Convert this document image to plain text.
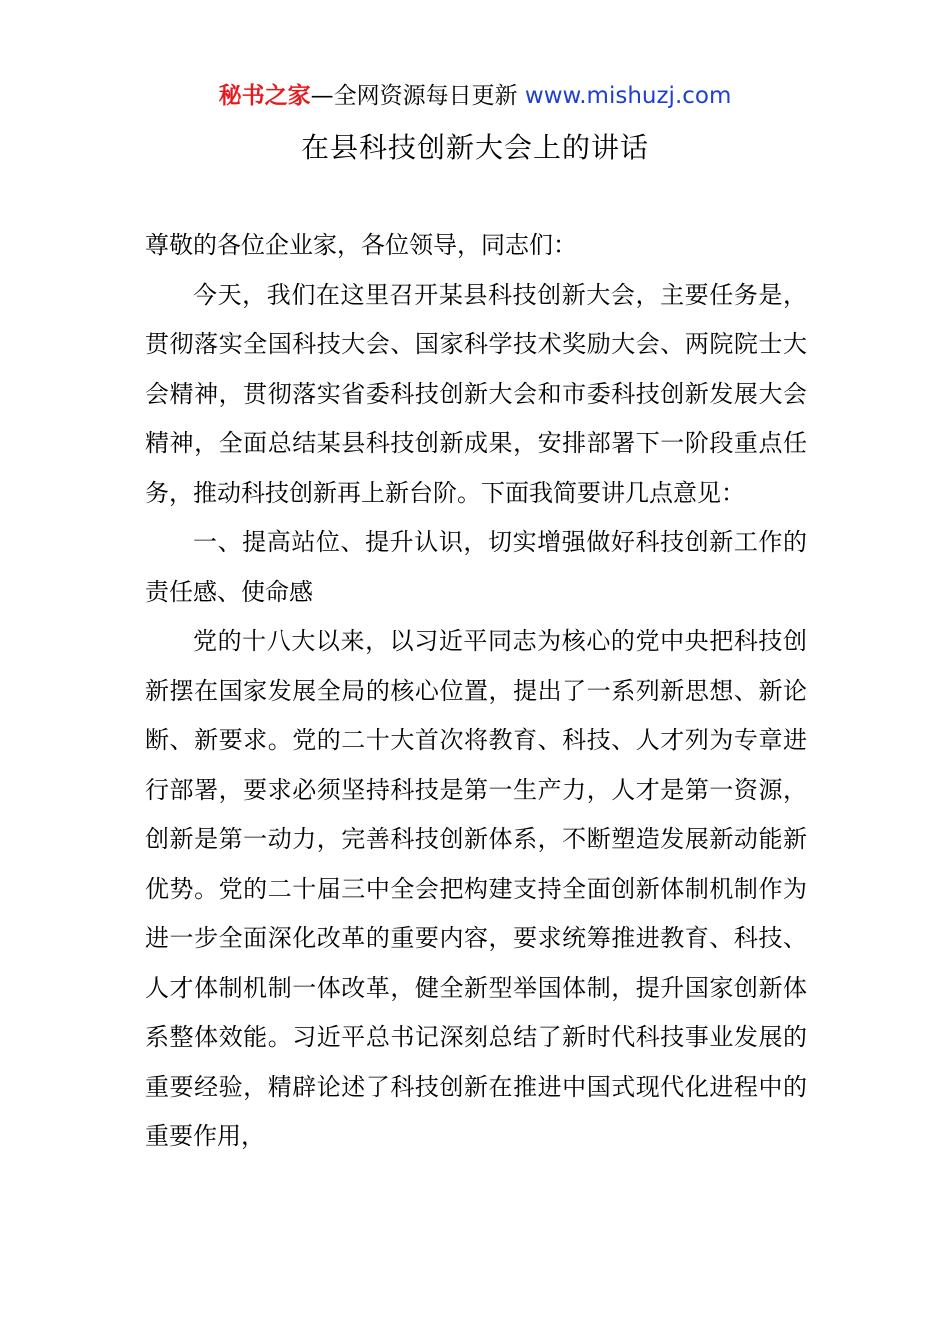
秘书之家—全网资源每日更新 www.mishuzj.com
在县科技创新大会上的讲话

尊敬的各位企业家，各位领导，同志们：

今天，我们在这里召开某县科技创新大会，主要任务是，贯彻落实全国科技大会、国家科学技术奖励大会、两院院士大会精神，贯彻落实省委科技创新大会和市委科技创新发展大会精神，全面总结某县科技创新成果，安排部署下一阶段重点任务，推动科技创新再上新台阶。下面我简要讲几点意见：

一、提高站位、提升认识，切实增强做好科技创新工作的责任感、使命感

党的十八大以来，以习近平同志为核心的党中央把科技创新摆在国家发展全局的核心位置，提出了一系列新思想、新论断、新要求。党的二十大首次将教育、科技、人才列为专章进行部署，要求必须坚持科技是第一生产力，人才是第一资源，创新是第一动力，完善科技创新体系，不断塑造发展新动能新优势。党的二十届三中全会把构建支持全面创新体制机制作为进一步全面深化改革的重要内容，要求统筹推进教育、科技、人才体制机制一体改革，健全新型举国体制，提升国家创新体系整体效能。习近平总书记深刻总结了新时代科技事业发展的重要经验，精辟论述了科技创新在推进中国式现代化进程中的重要作用，
